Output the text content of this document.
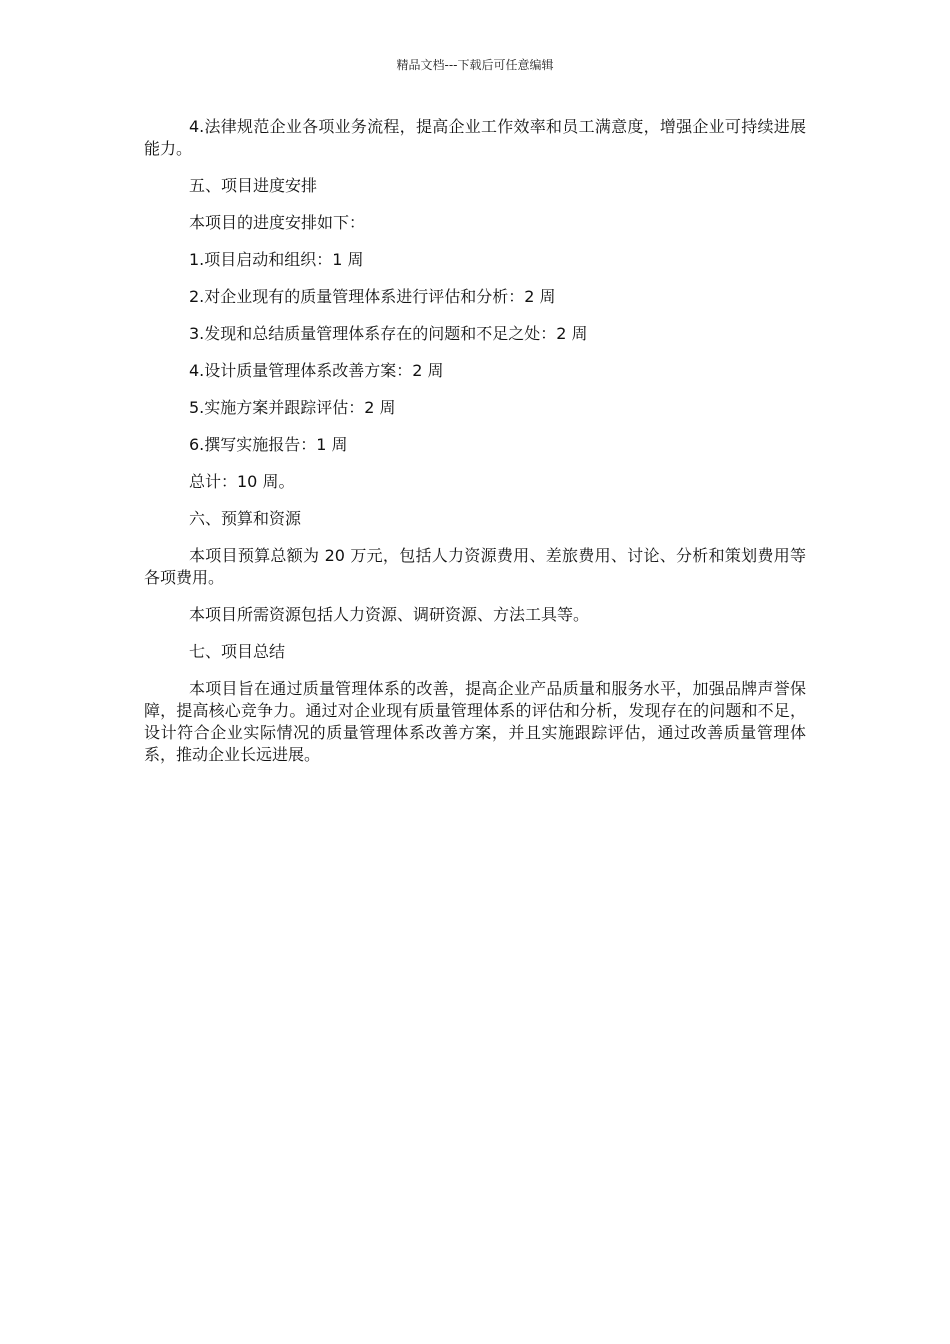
精品文档---下载后可任意编辑

4.法律规范企业各项业务流程，提高企业工作效率和员工满意度，增强企业可持续进展能力。

五、项目进度安排

本项目的进度安排如下：

1.项目启动和组织：1 周

2.对企业现有的质量管理体系进行评估和分析：2 周

3.发现和总结质量管理体系存在的问题和不足之处：2 周

4.设计质量管理体系改善方案：2 周

5.实施方案并跟踪评估：2 周

6.撰写实施报告：1 周

总计：10 周。

六、预算和资源

本项目预算总额为 20 万元，包括人力资源费用、差旅费用、讨论、分析和策划费用等各项费用。

本项目所需资源包括人力资源、调研资源、方法工具等。

七、项目总结

本项目旨在通过质量管理体系的改善，提高企业产品质量和服务水平，加强品牌声誉保障，提高核心竞争力。通过对企业现有质量管理体系的评估和分析，发现存在的问题和不足，设计符合企业实际情况的质量管理体系改善方案，并且实施跟踪评估，通过改善质量管理体系，推动企业长远进展。
